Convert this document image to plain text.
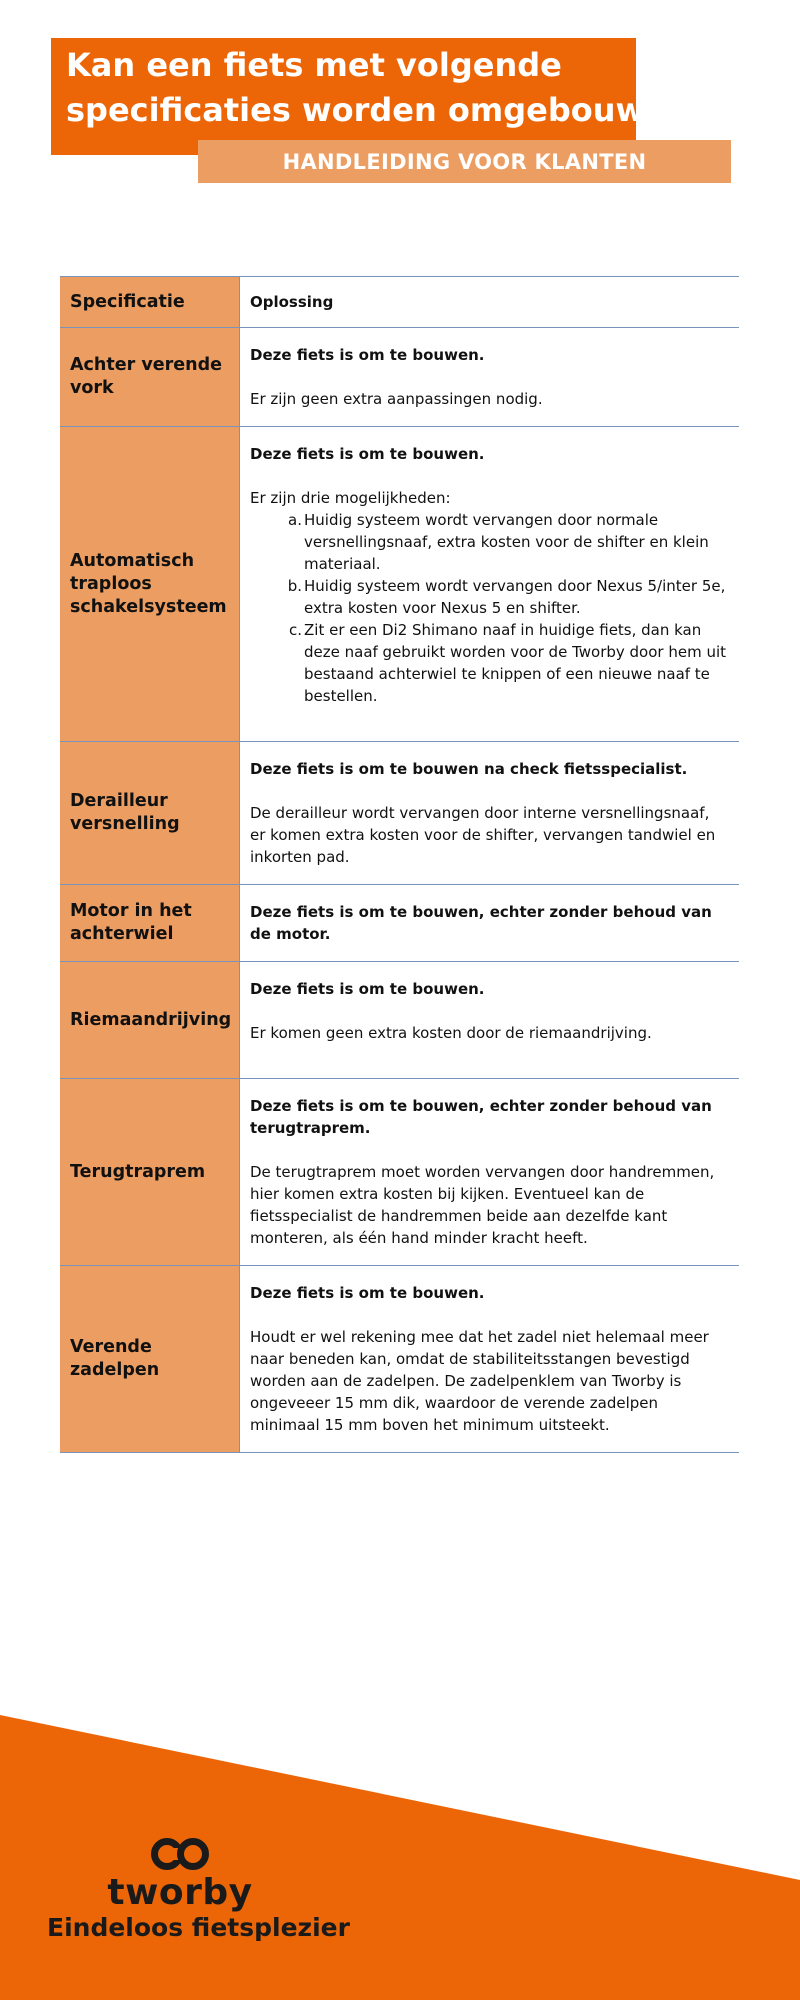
Kan een fiets met volgende
specificaties worden omgebouwd?
HANDLEIDING VOOR KLANTEN
Specificatie	Oplossing
Achter verende vork
Deze fiets is om te bouwen.
Er zijn geen extra aanpassingen nodig.
Automatisch traploos schakelsysteem
Deze fiets is om te bouwen.
Er zijn drie mogelijkheden:
a. Huidig systeem wordt vervangen door normale versnellingsnaaf, extra kosten voor de shifter en klein materiaal.
b. Huidig systeem wordt vervangen door Nexus 5/inter 5e, extra kosten voor Nexus 5 en shifter.
c. Zit er een Di2 Shimano naaf in huidige fiets, dan kan deze naaf gebruikt worden voor de Tworby door hem uit bestaand achterwiel te knippen of een nieuwe naaf te bestellen.
Derailleur versnelling
Deze fiets is om te bouwen na check fietsspecialist.
De derailleur wordt vervangen door interne versnellingsnaaf, er komen extra kosten voor de shifter, vervangen tandwiel en inkorten pad.
Motor in het achterwiel
Deze fiets is om te bouwen, echter zonder behoud van de motor.
Riemaandrijving
Deze fiets is om te bouwen.
Er komen geen extra kosten door de riemaandrijving.
Terugtraprem
Deze fiets is om te bouwen, echter zonder behoud van terugtraprem.
De terugtraprem moet worden vervangen door handremmen, hier komen extra kosten bij kijken. Eventueel kan de fietsspecialist de handremmen beide aan dezelfde kant monteren, als één hand minder kracht heeft.
Verende zadelpen
Deze fiets is om te bouwen.
Houdt er wel rekening mee dat het zadel niet helemaal meer naar beneden kan, omdat de stabiliteitsstangen bevestigd worden aan de zadelpen. De zadelpenklem van Tworby is ongeveeer 15 mm dik, waardoor de verende zadelpen minimaal 15 mm boven het minimum uitsteekt.
tworby
Eindeloos fietsplezier
